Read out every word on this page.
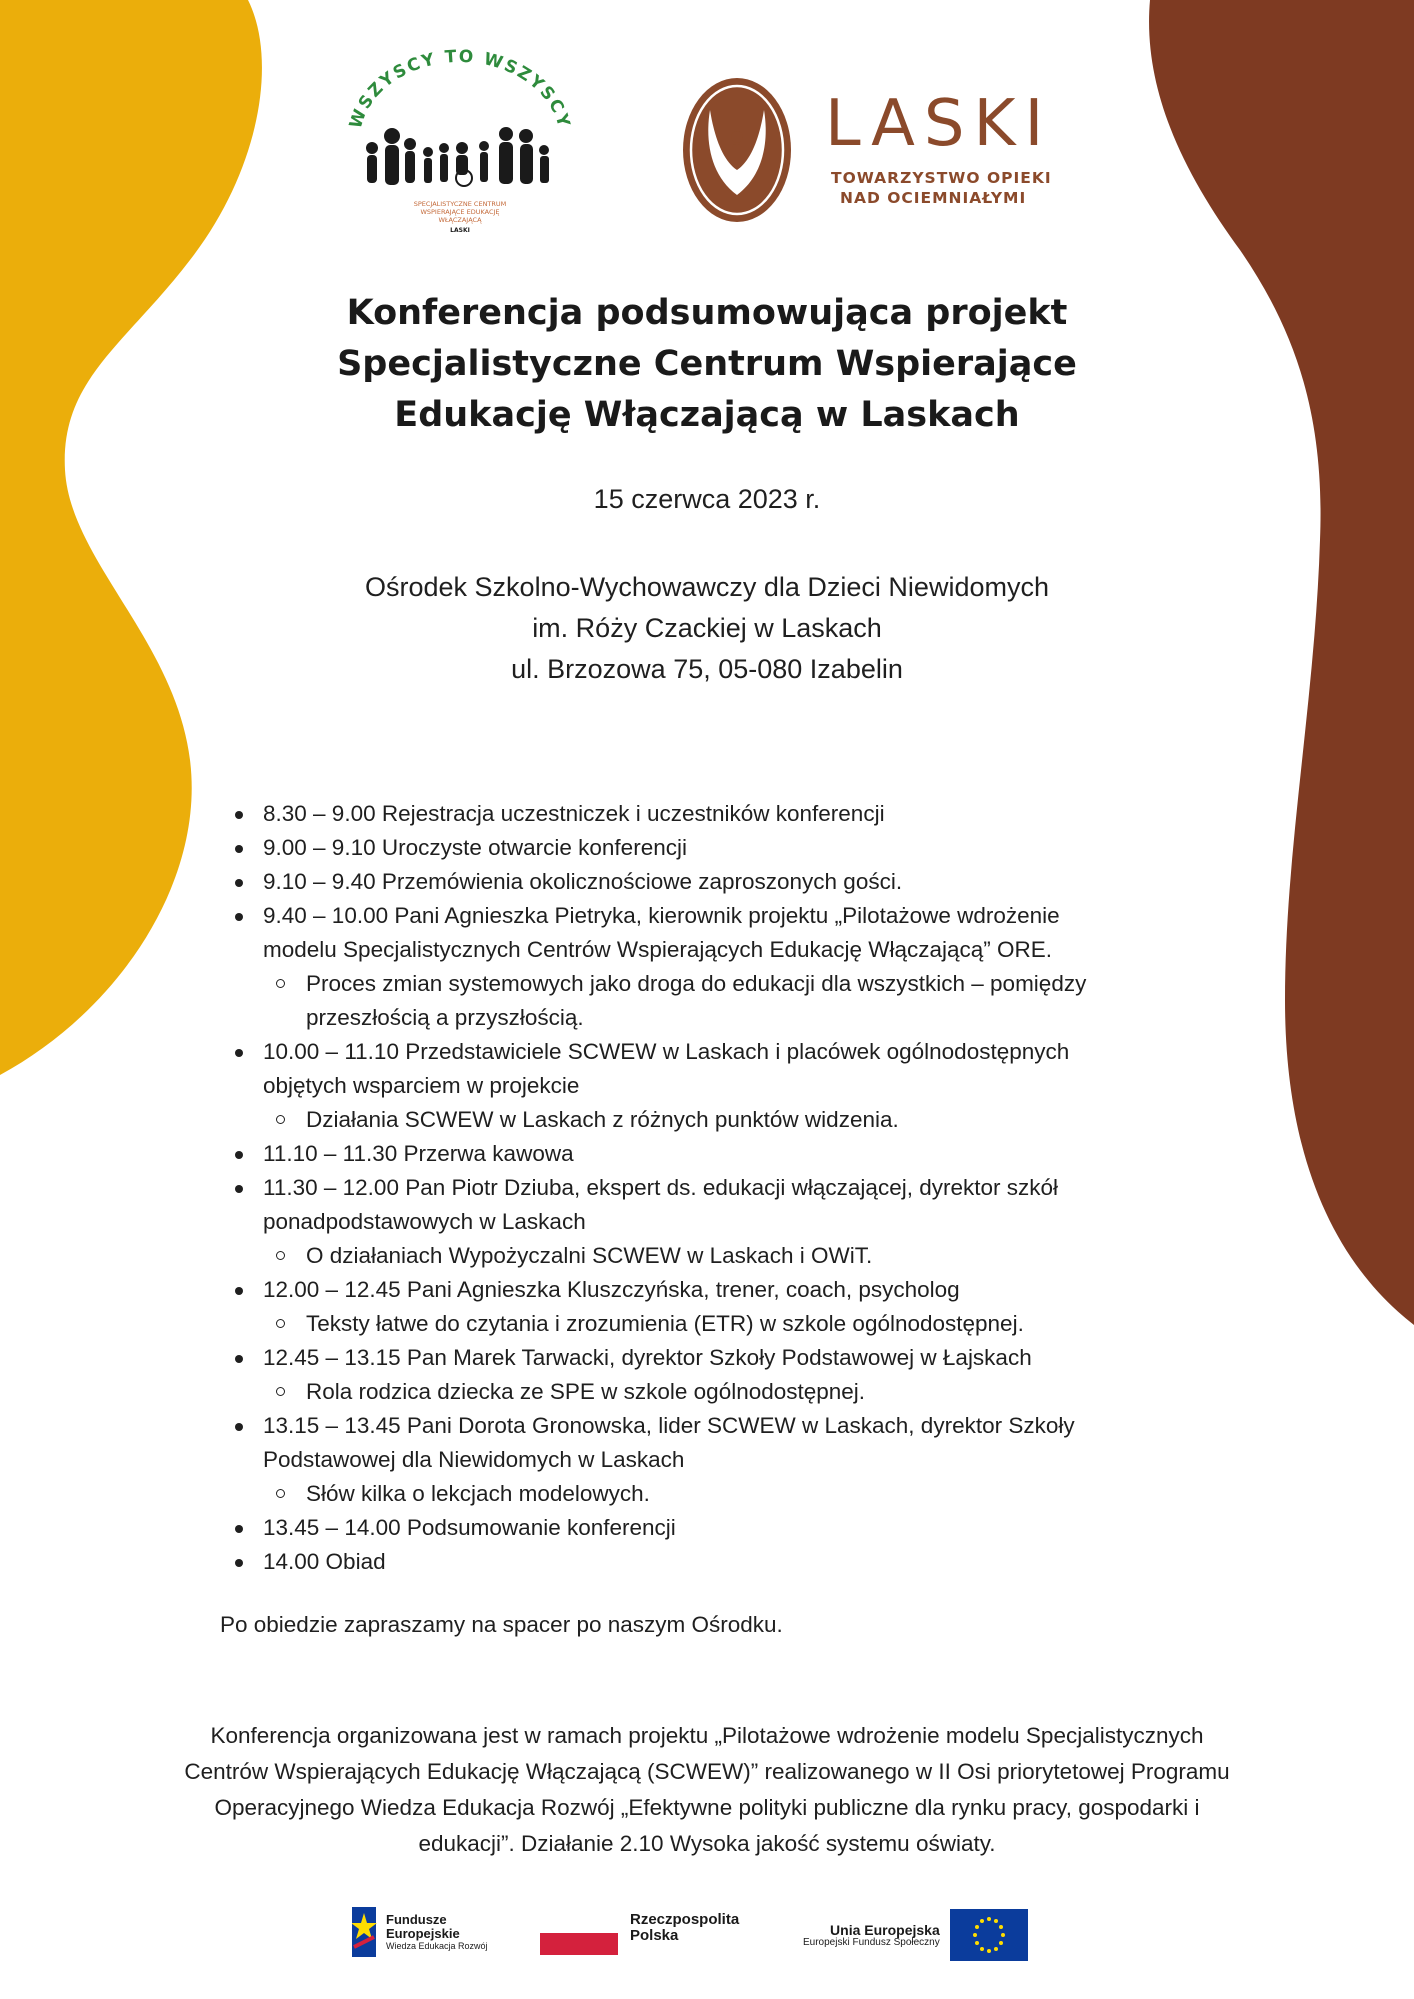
WSZYSCY TO WSZYSCY
SPECJALISTYCZNE CENTRUM
WSPIERAJĄCE EDUKACJĘ
WŁĄCZAJĄCĄ
LASKI
LASKI
TOWARZYSTWO OPIEKI
NAD OCIEMNIAŁYMI
Konferencja podsumowująca projekt
Specjalistyczne Centrum Wspierające
Edukację Włączającą w Laskach
15 czerwca 2023 r.
Ośrodek Szkolno-Wychowawczy dla Dzieci Niewidomych
im. Róży Czackiej w Laskach
ul. Brzozowa 75, 05-080 Izabelin
8.30 – 9.00 Rejestracja uczestniczek i uczestników konferencji
9.00 – 9.10 Uroczyste otwarcie konferencji
9.10 – 9.40 Przemówienia okolicznościowe zaproszonych gości.
9.40 – 10.00 Pani Agnieszka Pietryka, kierownik projektu „Pilotażowe wdrożenie
modelu Specjalistycznych Centrów Wspierających Edukację Włączającą” ORE.
Proces zmian systemowych jako droga do edukacji dla wszystkich – pomiędzy
przeszłością a przyszłością.
10.00 – 11.10 Przedstawiciele SCWEW w Laskach i placówek ogólnodostępnych
objętych wsparciem w projekcie
Działania SCWEW w Laskach z różnych punktów widzenia.
11.10 – 11.30 Przerwa kawowa
11.30 – 12.00 Pan Piotr Dziuba, ekspert ds. edukacji włączającej, dyrektor szkół
ponadpodstawowych w Laskach
O działaniach Wypożyczalni SCWEW w Laskach i OWiT.
12.00 – 12.45 Pani Agnieszka Kluszczyńska, trener, coach, psycholog
Teksty łatwe do czytania i zrozumienia (ETR) w szkole ogólnodostępnej.
12.45 – 13.15 Pan Marek Tarwacki, dyrektor Szkoły Podstawowej w Łajskach
Rola rodzica dziecka ze SPE w szkole ogólnodostępnej.
13.15 – 13.45 Pani Dorota Gronowska, lider SCWEW w Laskach, dyrektor Szkoły
Podstawowej dla Niewidomych w Laskach
Słów kilka o lekcjach modelowych.
13.45 – 14.00 Podsumowanie konferencji
14.00 Obiad
Po obiedzie zapraszamy na spacer po naszym Ośrodku.
Konferencja organizowana jest w ramach projektu „Pilotażowe wdrożenie modelu Specjalistycznych
Centrów Wspierających Edukację Włączającą (SCWEW)” realizowanego w II Osi priorytetowej Programu
Operacyjnego Wiedza Edukacja Rozwój „Efektywne polityki publiczne dla rynku pracy, gospodarki i
edukacji”. Działanie 2.10 Wysoka jakość systemu oświaty.
Fundusze
Europejskie
Wiedza Edukacja Rozwój
Rzeczpospolita
Polska	Unia Europejska
Europejski Fundusz Społeczny
